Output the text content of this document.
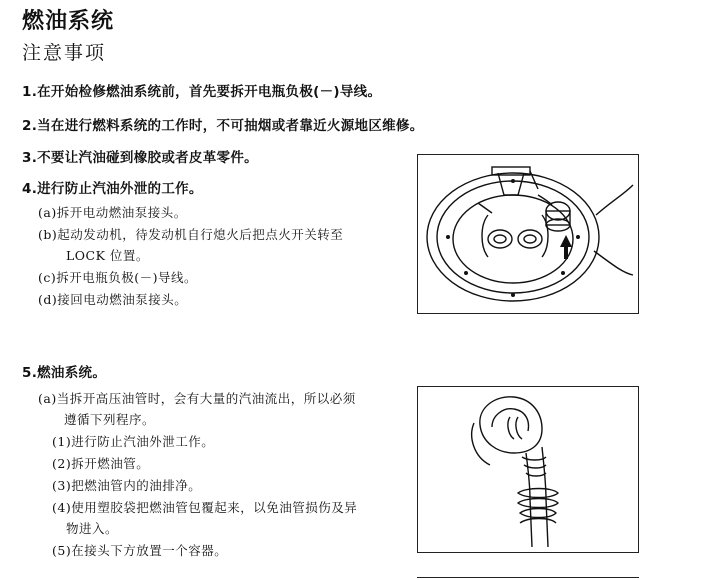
燃油系统
注意事项
1.在开始检修燃油系统前，首先要拆开电瓶负极(－)导线。
2.当在进行燃料系统的工作时，不可抽烟或者靠近火源地区维修。
3.不要让汽油碰到橡胶或者皮革零件。
4.进行防止汽油外泄的工作。
(a)拆开电动燃油泵接头。
(b)起动发动机，待发动机自行熄火后把点火开关转至
LOCK 位置。
(c)拆开电瓶负极(－)导线。
(d)接回电动燃油泵接头。
5.燃油系统。
(a)当拆开高压油管时，会有大量的汽油流出，所以必须
遵循下列程序。
(1)进行防止汽油外泄工作。
(2)拆开燃油管。
(3)把燃油管内的油排净。
(4)使用塑胶袋把燃油管包覆起来，以免油管损伤及异
物进入。
(5)在接头下方放置一个容器。
